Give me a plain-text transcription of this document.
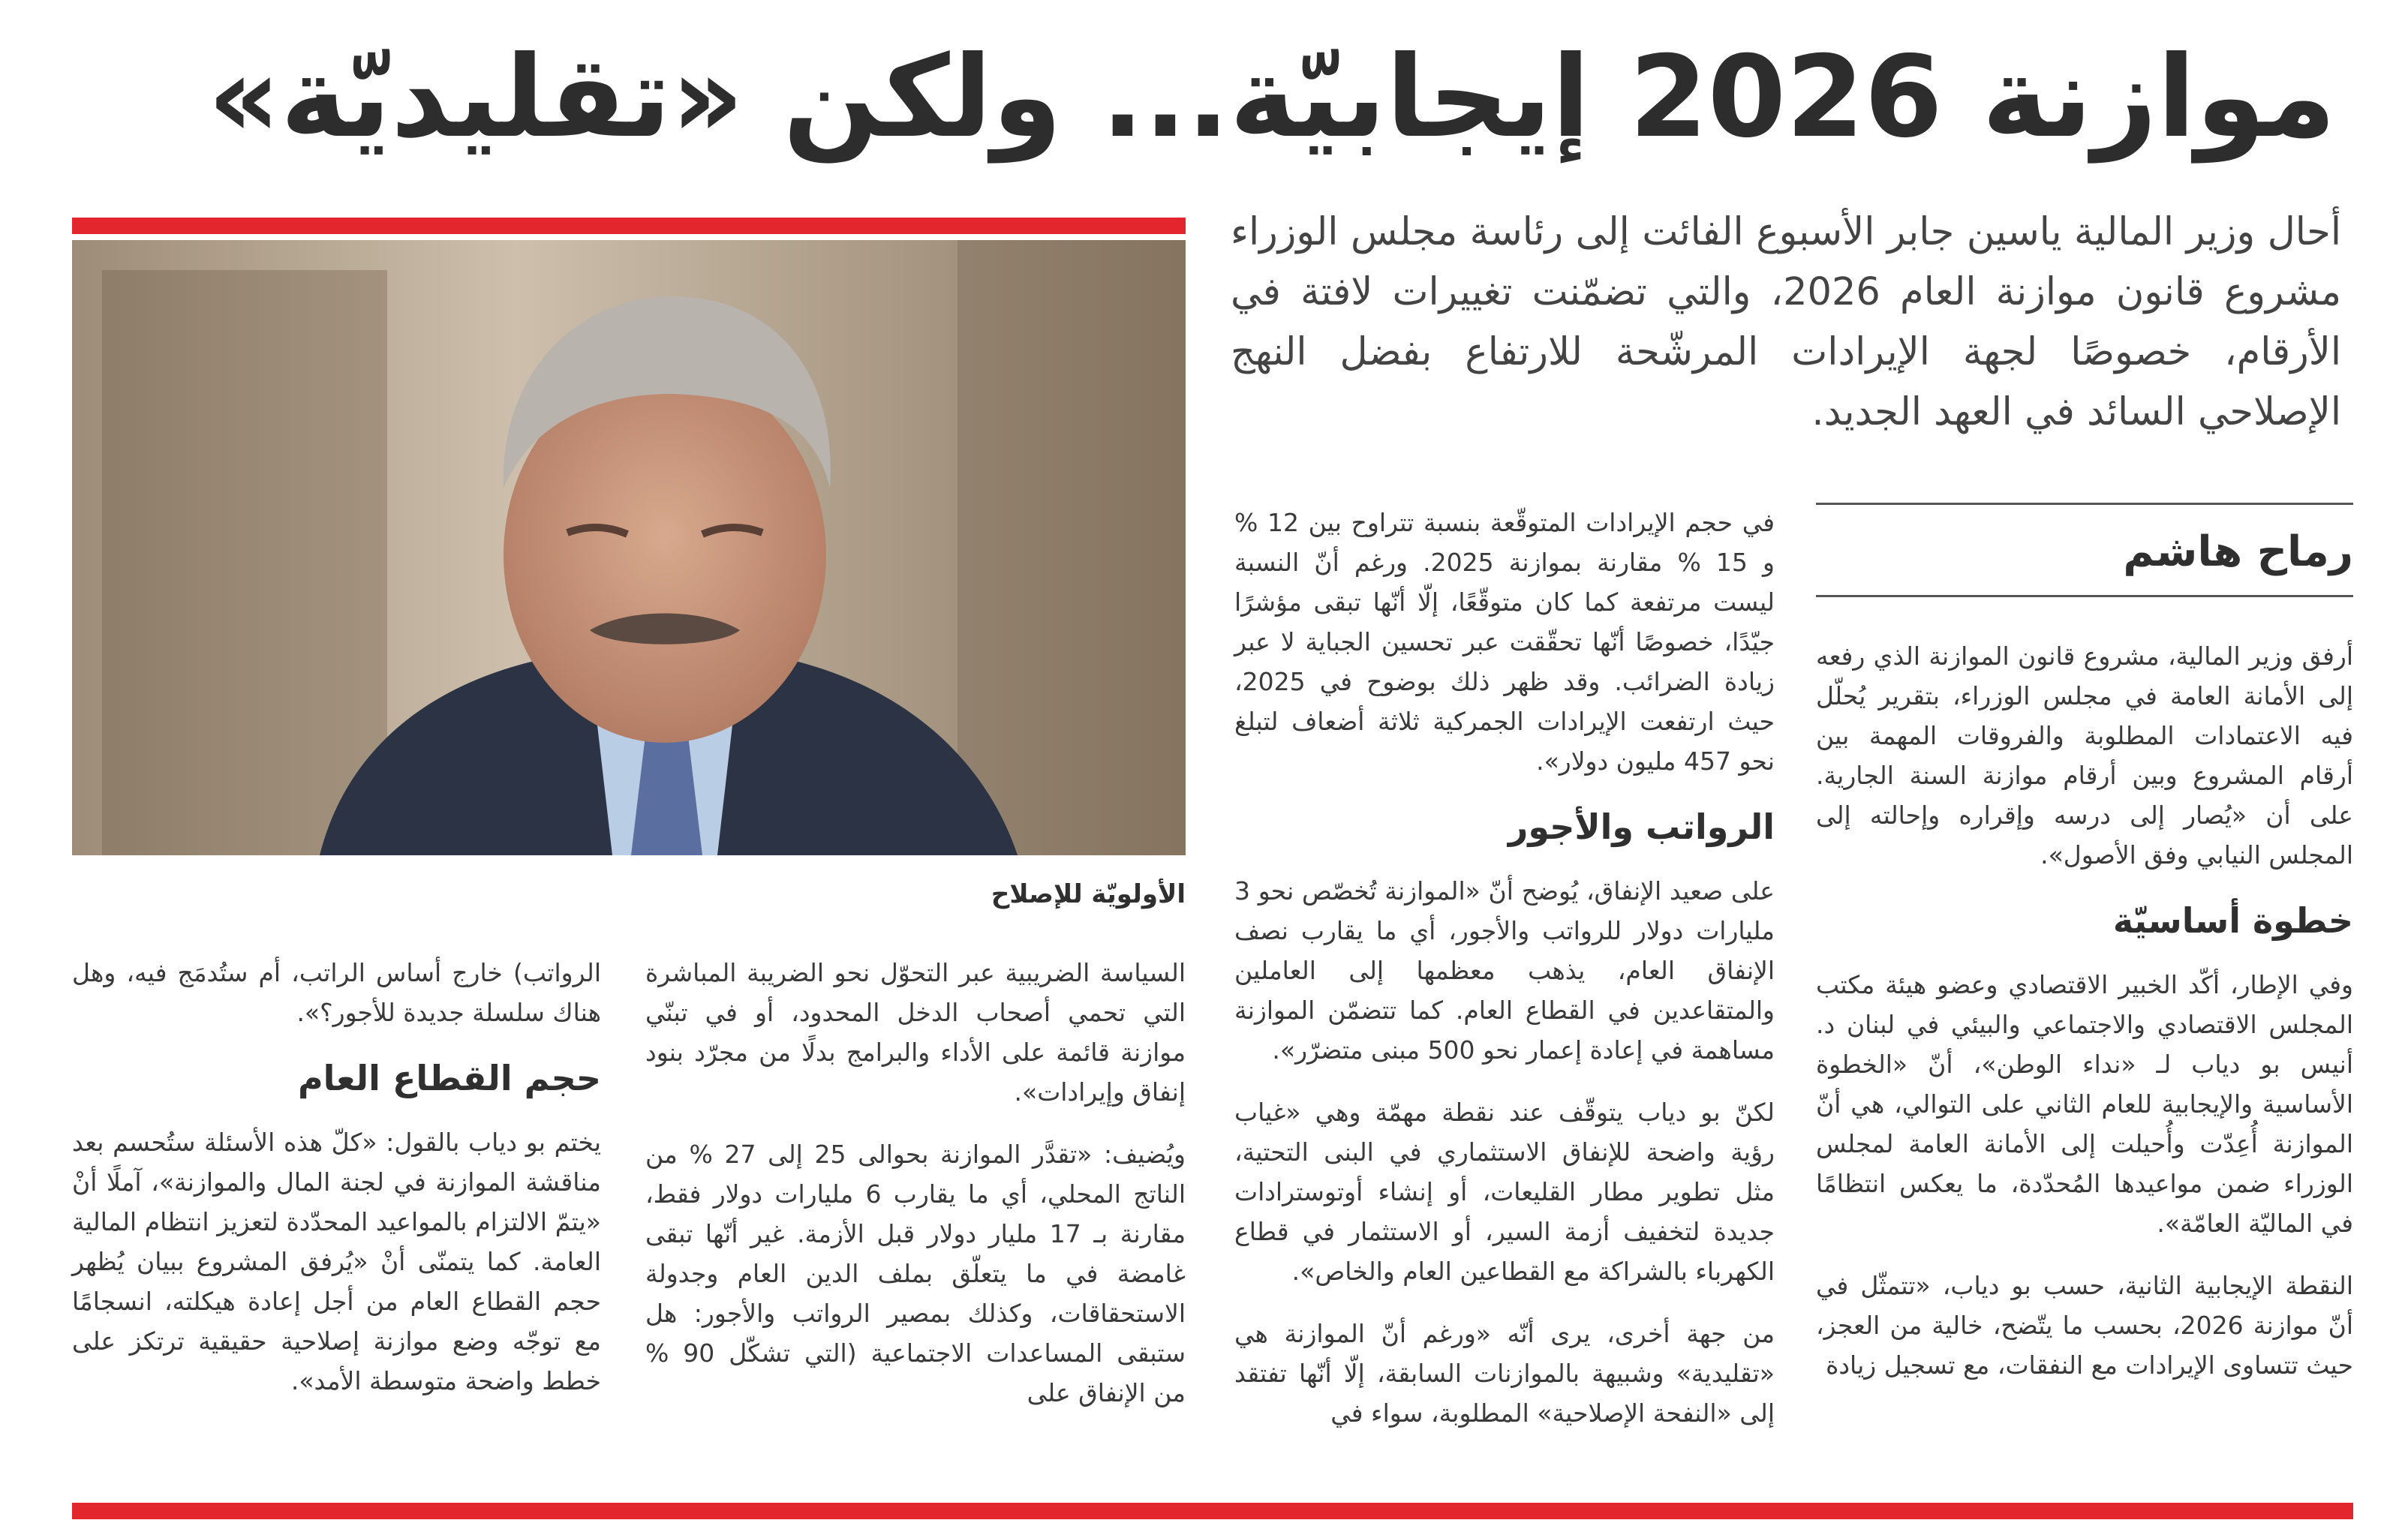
موازنة 2026 إيجابيّة... ولكن «تقليديّة»

أحال وزير المالية ياسين جابر الأسبوع الفائت إلى رئاسة مجلس الوزراء مشروع قانون موازنة العام 2026، والتي تضمّنت تغييرات لافتة في الأرقام، خصوصًا لجهة الإيرادات المرشّحة للارتفاع بفضل النهج الإصلاحي السائد في العهد الجديد.

الأولويّة للإصلاح
رماح هاشم

أرفق وزير المالية، مشروع قانون الموازنة الذي رفعه إلى الأمانة العامة في مجلس الوزراء، بتقرير يُحلّل فيه الاعتمادات المطلوبة والفروقات المهمة بين أرقام المشروع وبين أرقام موازنة السنة الجارية. على أن «يُصار إلى درسه وإقراره وإحالته إلى المجلس النيابي وفق الأصول».

خطوة أساسيّة

وفي الإطار، أكّد الخبير الاقتصادي وعضو هيئة مكتب المجلس الاقتصادي والاجتماعي والبيئي في لبنان د. أنيس بو دياب لـ «نداء الوطن»، أنّ «الخطوة الأساسية والإيجابية للعام الثاني على التوالي، هي أنّ الموازنة أُعِدّت وأُحيلت إلى الأمانة العامة لمجلس الوزراء ضمن مواعيدها المُحدّدة، ما يعكس انتظامًا في الماليّة العامّة».

النقطة الإيجابية الثانية، حسب بو دياب، «تتمثّل في أنّ موازنة 2026، بحسب ما يتّضح، خالية من العجز، حيث تتساوى الإيرادات مع النفقات، مع تسجيل زيادة

في حجم الإيرادات المتوقّعة بنسبة تتراوح بين 12 % و 15 % مقارنة بموازنة 2025. ورغم أنّ النسبة ليست مرتفعة كما كان متوقّعًا، إلّا أنّها تبقى مؤشرًا جيّدًا، خصوصًا أنّها تحقّقت عبر تحسين الجباية لا عبر زيادة الضرائب. وقد ظهر ذلك بوضوح في 2025، حيث ارتفعت الإيرادات الجمركية ثلاثة أضعاف لتبلغ نحو 457 مليون دولار».

الرواتب والأجور

على صعيد الإنفاق، يُوضح أنّ «الموازنة تُخصّص نحو 3 مليارات دولار للرواتب والأجور، أي ما يقارب نصف الإنفاق العام، يذهب معظمها إلى العاملين والمتقاعدين في القطاع العام. كما تتضمّن الموازنة مساهمة في إعادة إعمار نحو 500 مبنى متضرّر».

لكنّ بو دياب يتوقّف عند نقطة مهمّة وهي «غياب رؤية واضحة للإنفاق الاستثماري في البنى التحتية، مثل تطوير مطار القليعات، أو إنشاء أوتوسترادات جديدة لتخفيف أزمة السير، أو الاستثمار في قطاع الكهرباء بالشراكة مع القطاعين العام والخاص».

من جهة أخرى، يرى أنّه «ورغم أنّ الموازنة هي «تقليدية» وشبيهة بالموازنات السابقة، إلّا أنّها تفتقد إلى «النفحة الإصلاحية» المطلوبة، سواء في

السياسة الضريبية عبر التحوّل نحو الضريبة المباشرة التي تحمي أصحاب الدخل المحدود، أو في تبنّي موازنة قائمة على الأداء والبرامج بدلًا من مجرّد بنود إنفاق وإيرادات».

ويُضيف: «تقدَّر الموازنة بحوالى 25 إلى 27 % من الناتج المحلي، أي ما يقارب 6 مليارات دولار فقط، مقارنة بـ 17 مليار دولار قبل الأزمة. غير أنّها تبقى غامضة في ما يتعلّق بملف الدين العام وجدولة الاستحقاقات، وكذلك بمصير الرواتب والأجور: هل ستبقى المساعدات الاجتماعية (التي تشكّل 90 % من الإنفاق على

الرواتب) خارج أساس الراتب، أم ستُدمَج فيه، وهل هناك سلسلة جديدة للأجور؟».

حجم القطاع العام

يختم بو دياب بالقول: «كلّ هذه الأسئلة ستُحسم بعد مناقشة الموازنة في لجنة المال والموازنة»، آملًا أنْ «يتمّ الالتزام بالمواعيد المحدّدة لتعزيز انتظام المالية العامة. كما يتمنّى أنْ «يُرفق المشروع ببيان يُظهر حجم القطاع العام من أجل إعادة هيكلته، انسجامًا مع توجّه وضع موازنة إصلاحية حقيقية ترتكز على خطط واضحة متوسطة الأمد».
